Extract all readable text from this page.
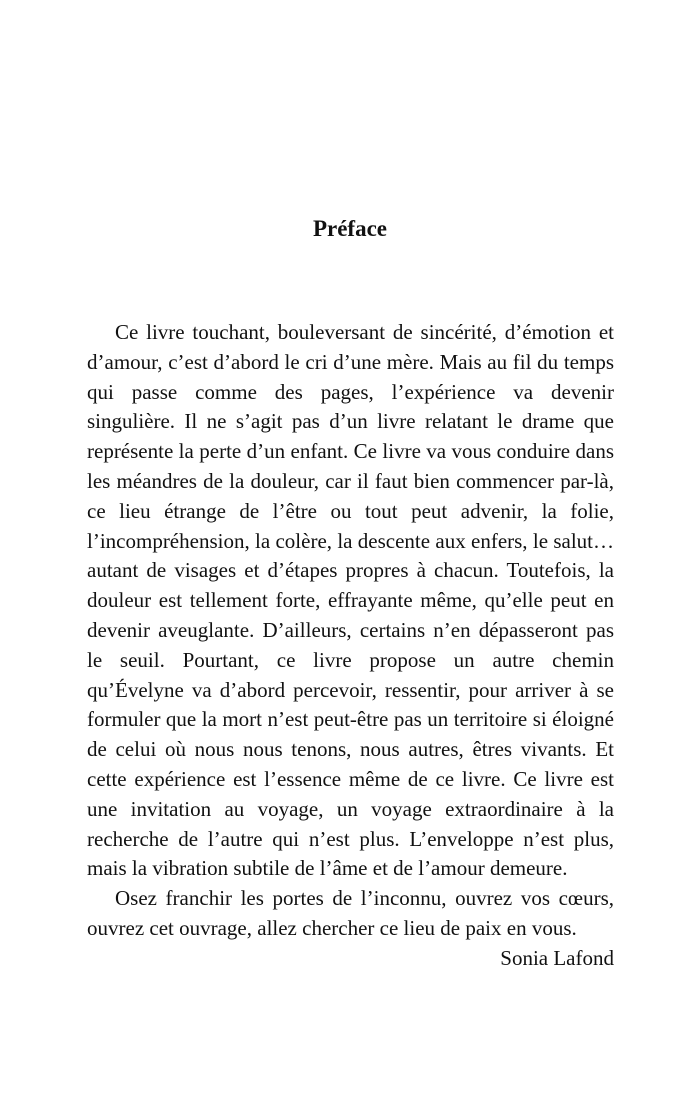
Préface

Ce livre touchant, bouleversant de sincérité, d’émotion et d’amour, c’est d’abord le cri d’une mère. Mais au fil du temps qui passe comme des pages, l’expérience va devenir singulière. Il ne s’agit pas d’un livre relatant le drame que représente la perte d’un enfant. Ce livre va vous conduire dans les méandres de la douleur, car il faut bien commencer par-là, ce lieu étrange de l’être ou tout peut advenir, la folie, l’incompréhension, la colère, la descente aux enfers, le salut… autant de visages et d’étapes propres à chacun. Toutefois, la douleur est tellement forte, effrayante même, qu’elle peut en devenir aveuglante. D’ailleurs, certains n’en dépasseront pas le seuil. Pourtant, ce livre propose un autre chemin qu’Évelyne va d’abord percevoir, ressentir, pour arriver à se formuler que la mort n’est peut-être pas un territoire si éloigné de celui où nous nous tenons, nous autres, êtres vivants. Et cette expérience est l’essence même de ce livre. Ce livre est une invitation au voyage, un voyage extraordinaire à la recherche de l’autre qui n’est plus. L’enveloppe n’est plus, mais la vibration subtile de l’âme et de l’amour demeure.

Osez franchir les portes de l’inconnu, ouvrez vos cœurs, ouvrez cet ouvrage, allez chercher ce lieu de paix en vous.

Sonia Lafond
